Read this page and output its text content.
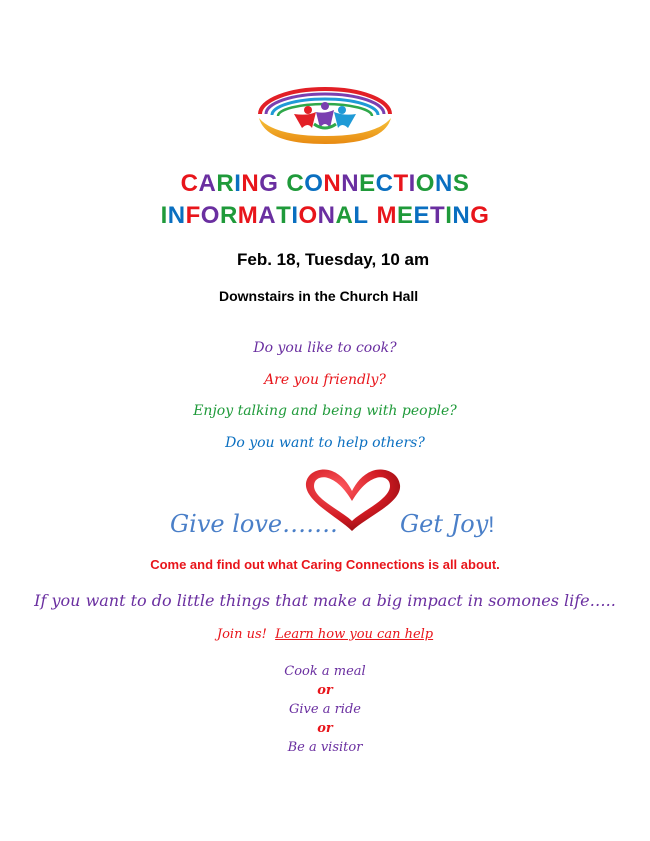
CARING CONNECTIONS
INFORMATIONAL MEETING
Feb. 18, Tuesday, 10 am
Downstairs in the Church Hall
Do you like to cook?
Are you friendly?
Enjoy talking and being with people?
Do you want to help others?
Give love…….	Get Joy!
Come and find out what Caring Connections is all about.
If you want to do little things that make a big impact in somones life…..
Join us! Learn how you can help
Cook a meal
or
Give a ride
or
Be a visitor
